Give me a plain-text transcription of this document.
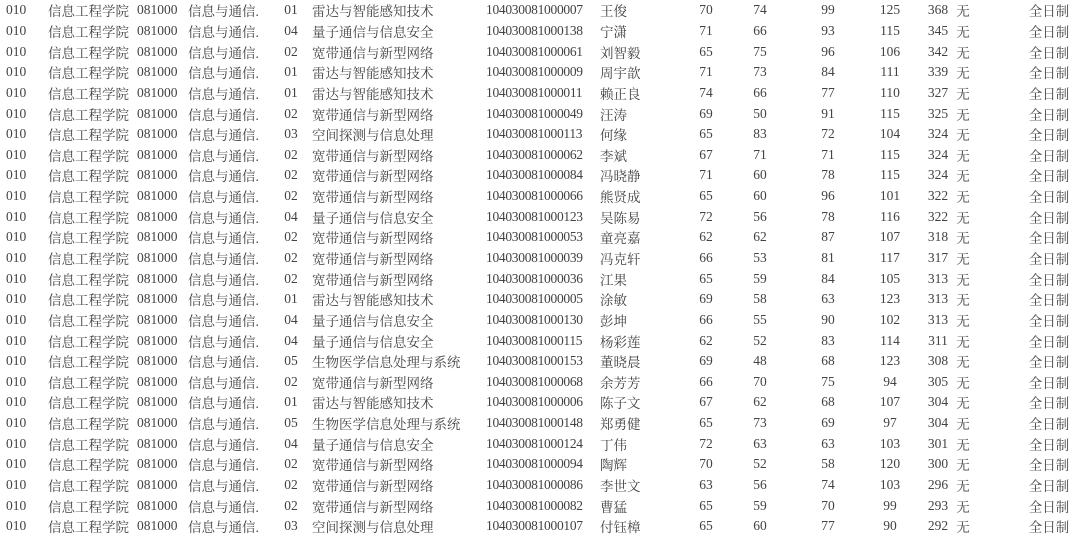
010	信息工程学院 081000 信息与通信.	01 雷达与智能感知技术	104030081000007 王俊	70	74	99	125	368 无	全日制
010	信息工程学院 081000 信息与通信.	04 量子通信与信息安全	104030081000138 宁潇	71	66	93	115	345 无	全日制
010	信息工程学院 081000 信息与通信.	02 宽带通信与新型网络	104030081000061 刘智毅	65	75	96	106	342 无	全日制
010	信息工程学院 081000 信息与通信.	01 雷达与智能感知技术	104030081000009 周宇歆	71	73	84	111	339 无	全日制
010	信息工程学院 081000 信息与通信.	01 雷达与智能感知技术	104030081000011 赖正良	74	66	77	110	327 无	全日制
010	信息工程学院 081000 信息与通信.	02 宽带通信与新型网络	104030081000049 汪涛	69	50	91	115	325 无	全日制
010	信息工程学院 081000 信息与通信.	03 空间探测与信息处理	104030081000113 何缘	65	83	72	104	324 无	全日制
010	信息工程学院 081000 信息与通信.	02 宽带通信与新型网络	104030081000062 李斌	67	71	71	115	324 无	全日制
010	信息工程学院 081000 信息与通信.	02 宽带通信与新型网络	104030081000084 冯晓静	71	60	78	115	324 无	全日制
010	信息工程学院 081000 信息与通信.	02 宽带通信与新型网络	104030081000066 熊贤成	65	60	96	101	322 无	全日制
010	信息工程学院 081000 信息与通信.	04 量子通信与信息安全	104030081000123 吴陈易	72	56	78	116	322 无	全日制
010	信息工程学院 081000 信息与通信.	02 宽带通信与新型网络	104030081000053 童亮嘉	62	62	87	107	318 无	全日制
010	信息工程学院 081000 信息与通信.	02 宽带通信与新型网络	104030081000039 冯克轩	66	53	81	117	317 无	全日制
010	信息工程学院 081000 信息与通信.	02 宽带通信与新型网络	104030081000036 江果	65	59	84	105	313 无	全日制
010	信息工程学院 081000 信息与通信.	01 雷达与智能感知技术	104030081000005 涂敏	69	58	63	123	313 无	全日制
010	信息工程学院 081000 信息与通信.	04 量子通信与信息安全	104030081000130 彭坤	66	55	90	102	313 无	全日制
010	信息工程学院 081000 信息与通信.	04 量子通信与信息安全	104030081000115 杨彩莲	62	52	83	114	311 无	全日制
010	信息工程学院 081000 信息与通信.	05 生物医学信息处理与系统 104030081000153 董晓晨	69	48	68	123	308 无	全日制
010	信息工程学院 081000 信息与通信.	02 宽带通信与新型网络	104030081000068 余芳芳	66	70	75	94	305 无	全日制
010	信息工程学院 081000 信息与通信.	01 雷达与智能感知技术	104030081000006 陈子文	67	62	68	107	304 无	全日制
010	信息工程学院 081000 信息与通信.	05 生物医学信息处理与系统 104030081000148 郑勇健	65	73	69	97	304 无	全日制
010	信息工程学院 081000 信息与通信.	04 量子通信与信息安全	104030081000124 丁伟	72	63	63	103	301 无	全日制
010	信息工程学院 081000 信息与通信.	02 宽带通信与新型网络	104030081000094 陶辉	70	52	58	120	300 无	全日制
010	信息工程学院 081000 信息与通信.	02 宽带通信与新型网络	104030081000086 李世文	63	56	74	103	296 无	全日制
010	信息工程学院 081000 信息与通信.	02 宽带通信与新型网络	104030081000082 曹猛	65	59	70	99	293 无	全日制
010	信息工程学院 081000 信息与通信.	03 空间探测与信息处理	104030081000107 付钰樟	65	60	77	90	292 无	全日制
